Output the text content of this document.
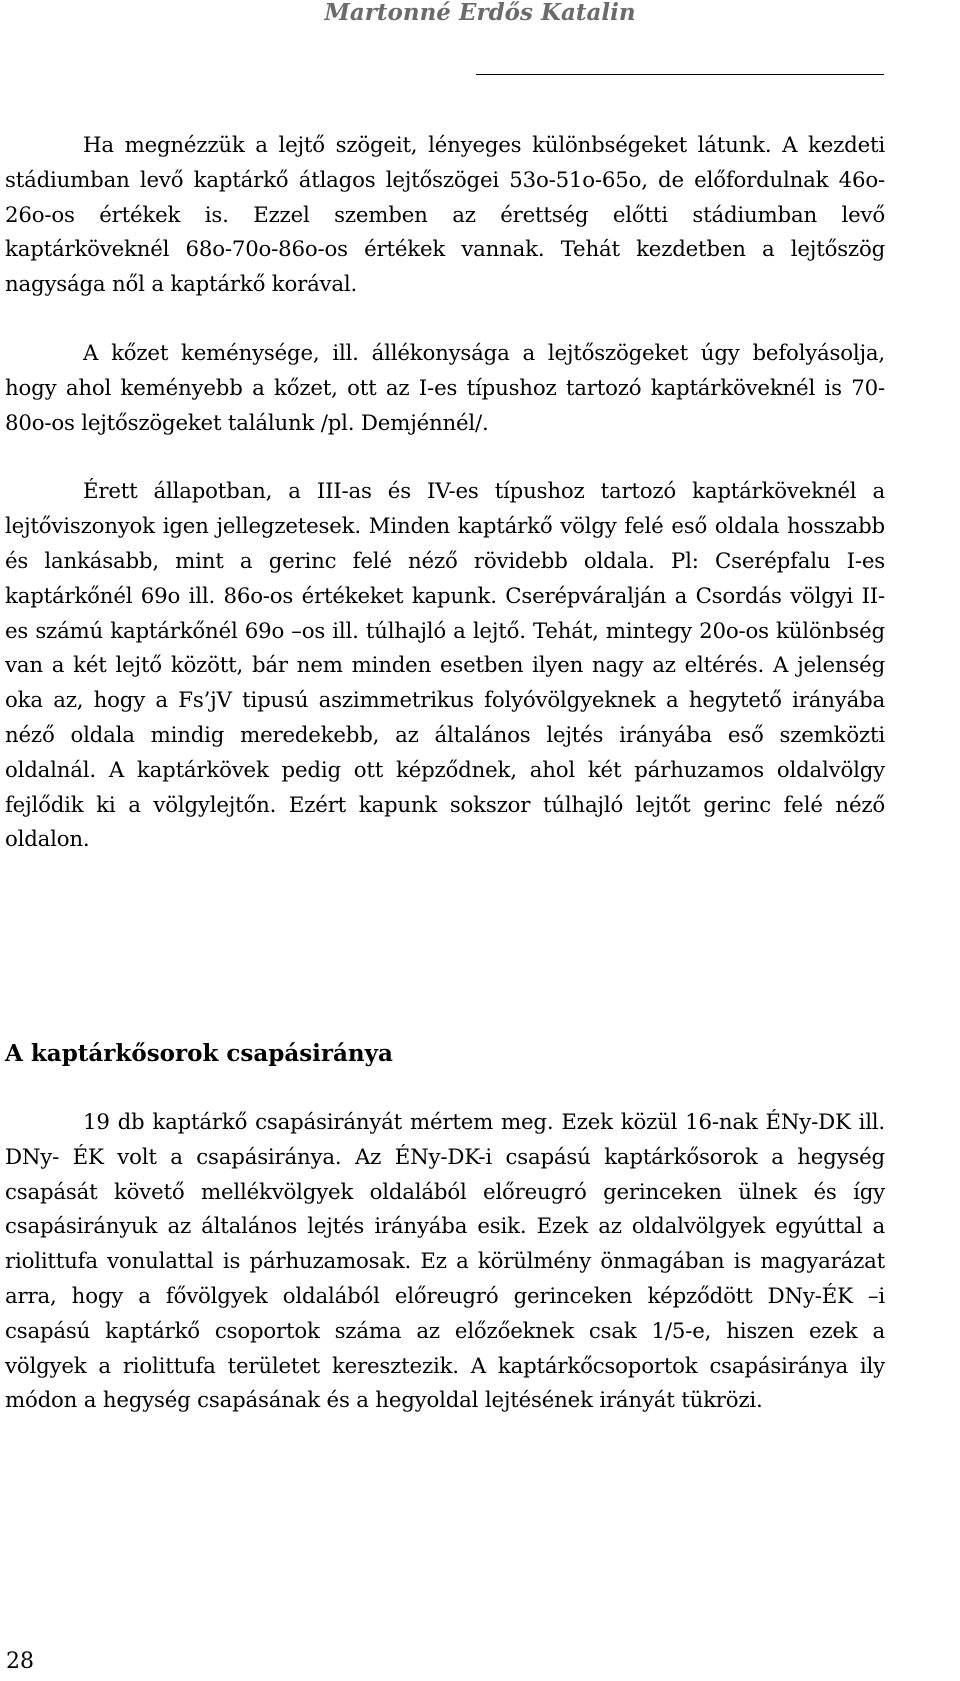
Martonné Erdős Katalin

Ha megnézzük a lejtő szögeit, lényeges különbségeket látunk. A kezdeti stádiumban levő kaptárkő átlagos lejtőszögei 53o-51o-65o, de előfordulnak 46o-26o-os értékek is. Ezzel szemben az érettség előtti stádiumban levő kaptárköveknél 68o-70o-86o-os értékek vannak. Tehát kezdetben a lejtőszög nagysága nől a kaptárkő korával.

A kőzet keménysége, ill. állékonysága a lejtőszögeket úgy befolyásolja, hogy ahol keményebb a kőzet, ott az I-es típushoz tartozó kaptárköveknél is 70-80o-os lejtőszögeket találunk /pl. Demjénnél/.

Érett állapotban, a III-as és IV-es típushoz tartozó kaptárköveknél a lejtőviszonyok igen jellegzetesek. Minden kaptárkő völgy felé eső oldala hosszabb és lankásabb, mint a gerinc felé néző rövidebb oldala. Pl: Cserépfalu I-es kaptárkőnél 69o ill. 86o-os értékeket kapunk. Cserépváralján a Csordás völgyi II-es számú kaptárkőnél 69o –os ill. túlhajló a lejtő. Tehát, mintegy 20o-os különbség van a két lejtő között, bár nem minden esetben ilyen nagy az eltérés. A jelenség oka az, hogy a Fs’jV tipusú aszimmetrikus folyóvölgyeknek a hegytető irányába néző oldala mindig meredekebb, az általános lejtés irányába eső szemközti oldalnál. A kaptárkövek pedig ott képződnek, ahol két párhuzamos oldalvölgy fejlődik ki a völgylejtőn. Ezért kapunk sokszor túlhajló lejtőt gerinc felé néző oldalon.

A kaptárkősorok csapásiránya

19 db kaptárkő csapásirányát mértem meg. Ezek közül 16-nak ÉNy-DK ill. DNy- ÉK volt a csapásiránya. Az ÉNy-DK-i csapású kaptárkősorok a hegység csapását követő mellékvölgyek oldalából előreugró gerinceken ülnek és így csapásirányuk az általános lejtés irányába esik. Ezek az oldalvölgyek egyúttal a riolittufa vonulattal is párhuzamosak. Ez a körülmény önmagában is magyarázat arra, hogy a fővölgyek oldalából előreugró gerinceken képződött DNy-ÉK –i csapású kaptárkő csoportok száma az előzőeknek csak 1/5-e, hiszen ezek a völgyek a riolittufa területet keresztezik. A kaptárkőcsoportok csapásiránya ily módon a hegység csapásának és a hegyoldal lejtésének irányát tükrözi.

28
